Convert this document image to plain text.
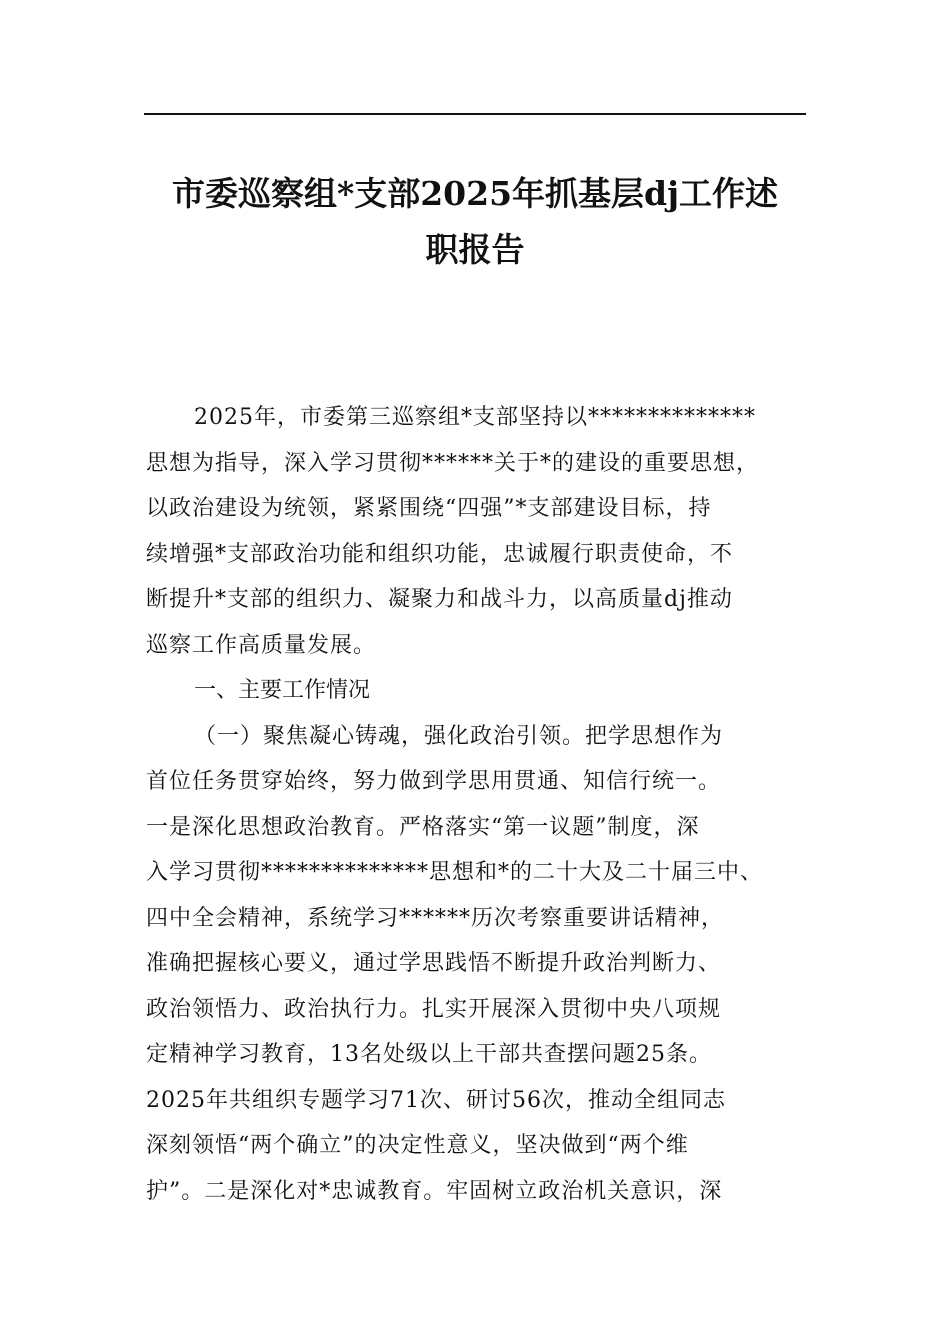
市委巡察组*支部2025年抓基层dj工作述
职报告
2025年，市委第三巡察组*支部坚持以**************
思想为指导，深入学习贯彻******关于*的建设的重要思想，
以政治建设为统领，紧紧围绕“四强”*支部建设目标，持
续增强*支部政治功能和组织功能，忠诚履行职责使命，不
断提升*支部的组织力、凝聚力和战斗力，以高质量dj推动
巡察工作高质量发展。
一、主要工作情况
（一）聚焦凝心铸魂，强化政治引领。把学思想作为
首位任务贯穿始终，努力做到学思用贯通、知信行统一。
一是深化思想政治教育。严格落实“第一议题”制度，深
入学习贯彻**************思想和*的二十大及二十届三中、
四中全会精神，系统学习******历次考察重要讲话精神，
准确把握核心要义，通过学思践悟不断提升政治判断力、
政治领悟力、政治执行力。扎实开展深入贯彻中央八项规
定精神学习教育，13名处级以上干部共查摆问题25条。
2025年共组织专题学习71次、研讨56次，推动全组同志
深刻领悟“两个确立”的决定性意义，坚决做到“两个维
护”。二是深化对*忠诚教育。牢固树立政治机关意识，深
